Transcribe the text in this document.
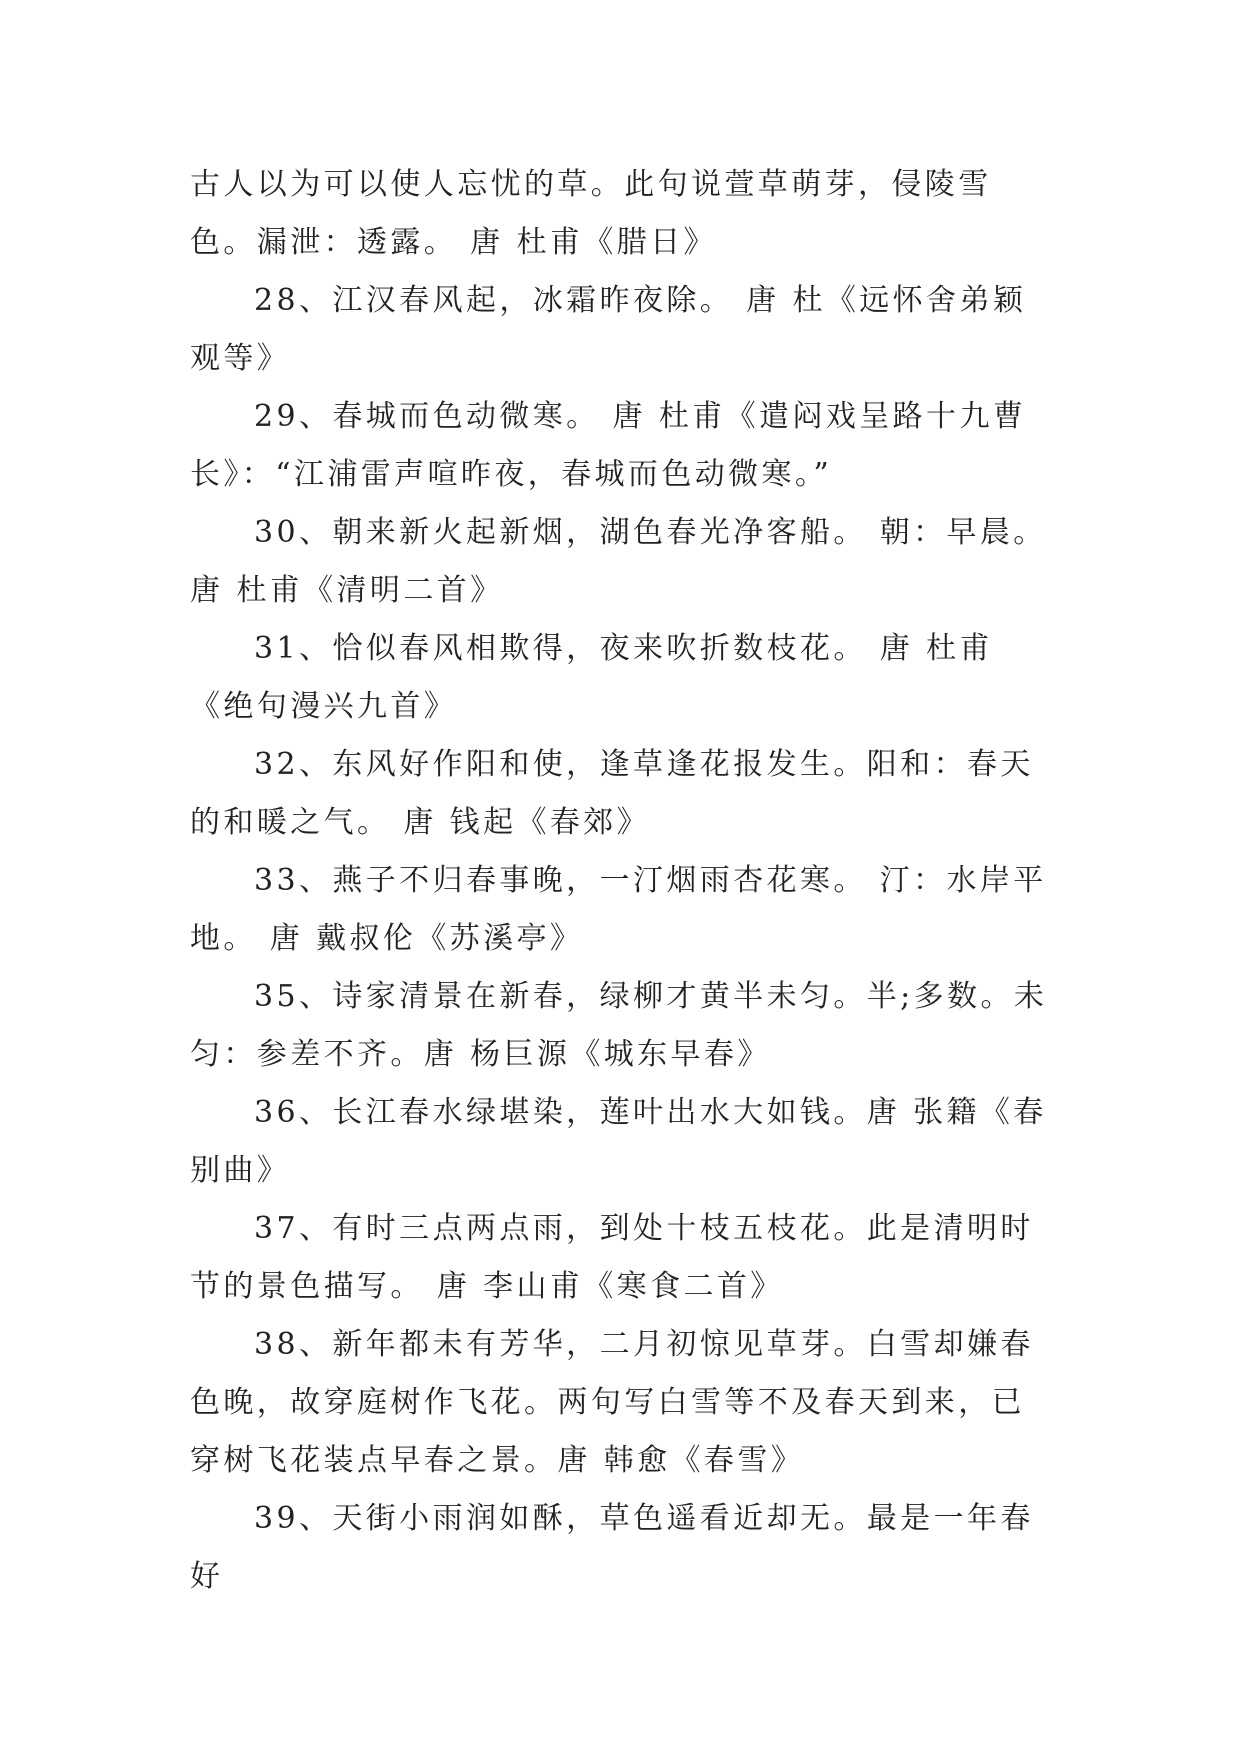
古人以为可以使人忘忧的草。此句说萱草萌芽，侵陵雪色。漏泄：透露。 唐 杜甫《腊日》

28、江汉春风起，冰霜昨夜除。 唐 杜《远怀舍弟颖观等》

29、春城而色动微寒。 唐 杜甫《遣闷戏呈路十九曹长》：“江浦雷声喧昨夜，春城而色动微寒。”

30、朝来新火起新烟，湖色春光净客船。 朝：早晨。 唐 杜甫《清明二首》

31、恰似春风相欺得，夜来吹折数枝花。 唐 杜甫《绝句漫兴九首》

32、东风好作阳和使，逢草逢花报发生。阳和：春天的和暖之气。 唐 钱起《春郊》

33、燕子不归春事晚，一汀烟雨杏花寒。 汀：水岸平地。 唐 戴叔伦《苏溪亭》

35、诗家清景在新春，绿柳才黄半未匀。半;多数。未匀：参差不齐。唐 杨巨源《城东早春》

36、长江春水绿堪染，莲叶出水大如钱。唐 张籍《春别曲》

37、有时三点两点雨，到处十枝五枝花。此是清明时节的景色描写。 唐 李山甫《寒食二首》

38、新年都未有芳华，二月初惊见草芽。白雪却嫌春色晚，故穿庭树作飞花。两句写白雪等不及春天到来，已穿树飞花装点早春之景。唐 韩愈《春雪》

39、天街小雨润如酥，草色遥看近却无。最是一年春好
